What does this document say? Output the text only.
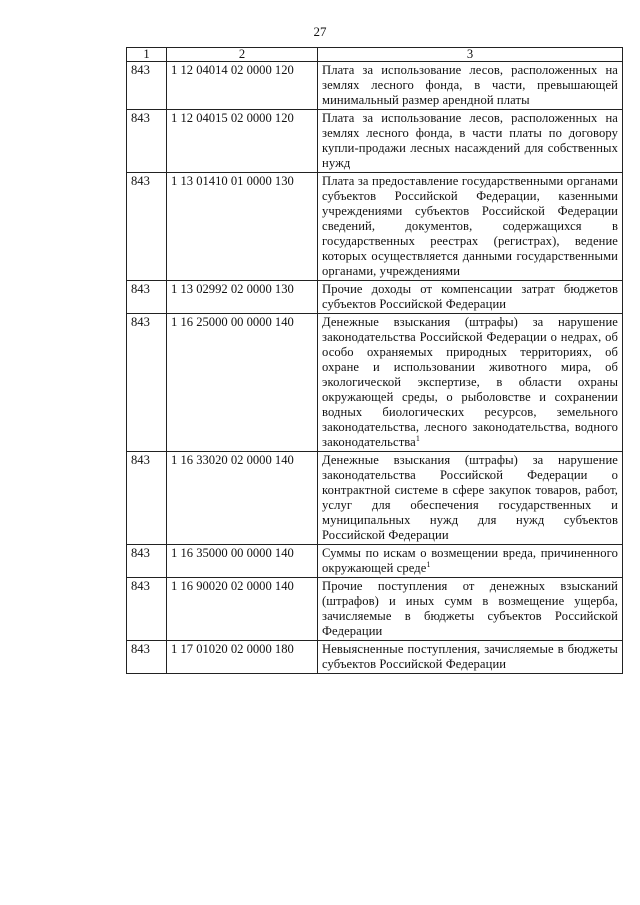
27
1	2	3
843	1 12 04014 02 0000 120	Плата за использование лесов, расположенных на землях лесного фонда, в части, превышающей минимальный размер арендной платы
843	1 12 04015 02 0000 120	Плата за использование лесов, расположенных на землях лесного фонда, в части платы по договору купли-продажи лесных насаждений для собственных нужд
843	1 13 01410 01 0000 130	Плата за предоставление государственными органами субъектов Российской Федерации, казенными учреждениями субъектов Российской Федерации сведений, документов, содержащихся в государственных реестрах (регистрах), ведение которых осуществляется данными государственными органами, учреждениями
843	1 13 02992 02 0000 130	Прочие доходы от компенсации затрат бюджетов субъектов Российской Федерации
843	1 16 25000 00 0000 140	Денежные взыскания (штрафы) за нарушение законодательства Российской Федерации о недрах, об особо охраняемых природных территориях, об охране и использовании животного мира, об экологической экспертизе, в области охраны окружающей среды, о рыболовстве и сохранении водных биологических ресурсов, земельного законодательства, лесного законодательства, водного законодательства$^1$
843	1 16 33020 02 0000 140	Денежные взыскания (штрафы) за нарушение законодательства Российской Федерации о контрактной системе в сфере закупок товаров, работ, услуг для обеспечения государственных и муниципальных нужд для нужд субъектов Российской Федерации
843	1 16 35000 00 0000 140	Суммы по искам о возмещении вреда, причиненного окружающей среде$^1$
843	1 16 90020 02 0000 140	Прочие поступления от денежных взысканий (штрафов) и иных сумм в возмещение ущерба, зачисляемые в бюджеты субъектов Российской Федерации
843	1 17 01020 02 0000 180	Невыясненные поступления, зачисляемые в бюджеты субъектов Российской Федерации
